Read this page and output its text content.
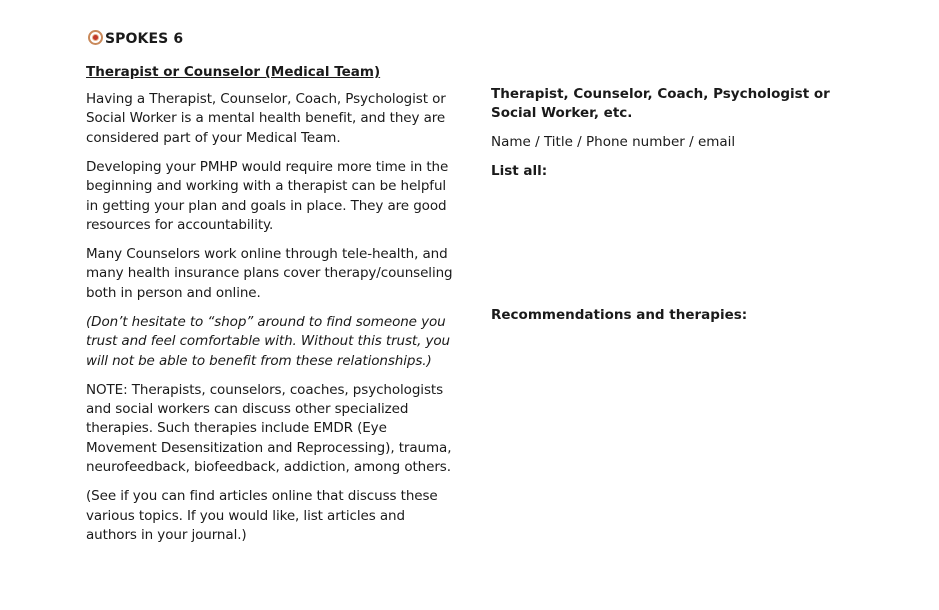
SPOKES 6
Therapist or Counselor (Medical Team)

Having a Therapist, Counselor, Coach, Psychologist or Social Worker is a mental health benefit, and they are considered part of your Medical Team.

Developing your PMHP would require more time in the beginning and working with a therapist can be helpful in getting your plan and goals in place. They are good resources for accountability.

Many Counselors work online through tele-health, and many health insurance plans cover therapy/counseling both in person and online.

(Don’t hesitate to “shop” around to find someone you trust and feel comfortable with. Without this trust, you will not be able to benefit from these relationships.)

NOTE: Therapists, counselors, coaches, psychologists and social workers can discuss other specialized therapies. Such therapies include EMDR (Eye Movement Desensitization and Reprocessing), trauma, neurofeedback, biofeedback, addiction, among others.

(See if you can find articles online that discuss these various topics. If you would like, list articles and authors in your journal.)

Therapist, Counselor, Coach, Psychologist or Social Worker, etc.
Name / Title / Phone number / email
List all:
Recommendations and therapies:
